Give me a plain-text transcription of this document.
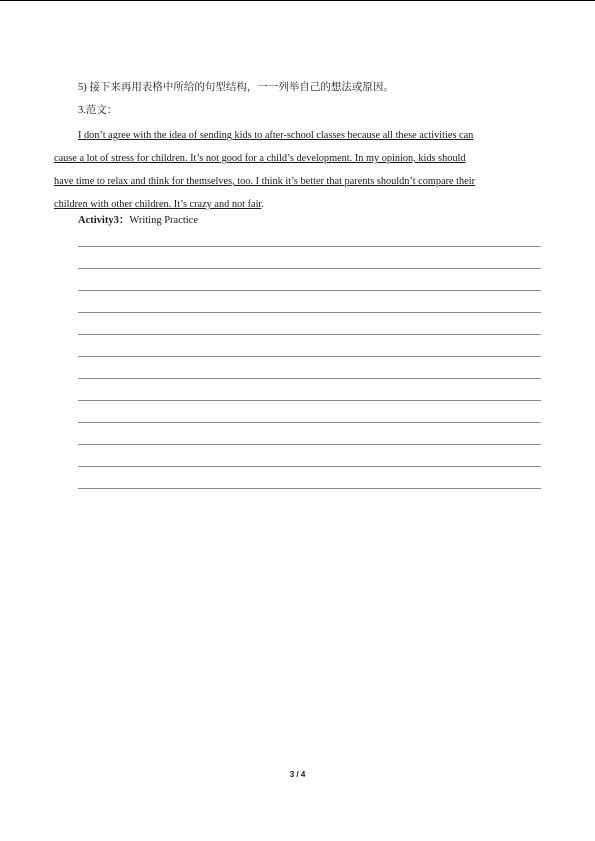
5) 接下来再用表格中所给的句型结构，一一列举自己的想法或原因。
3.范文：
I don’t agree with the idea of sending kids to after-school classes because all these activities can
cause a lot of stress for children. It’s not good for a child’s development. In my opinion, kids should
have time to relax and think for themselves, too. I think it’s better that parents shouldn’t compare their
children with other children. It’s crazy and not fair.
Activity3：Writing Practice
3 / 4
